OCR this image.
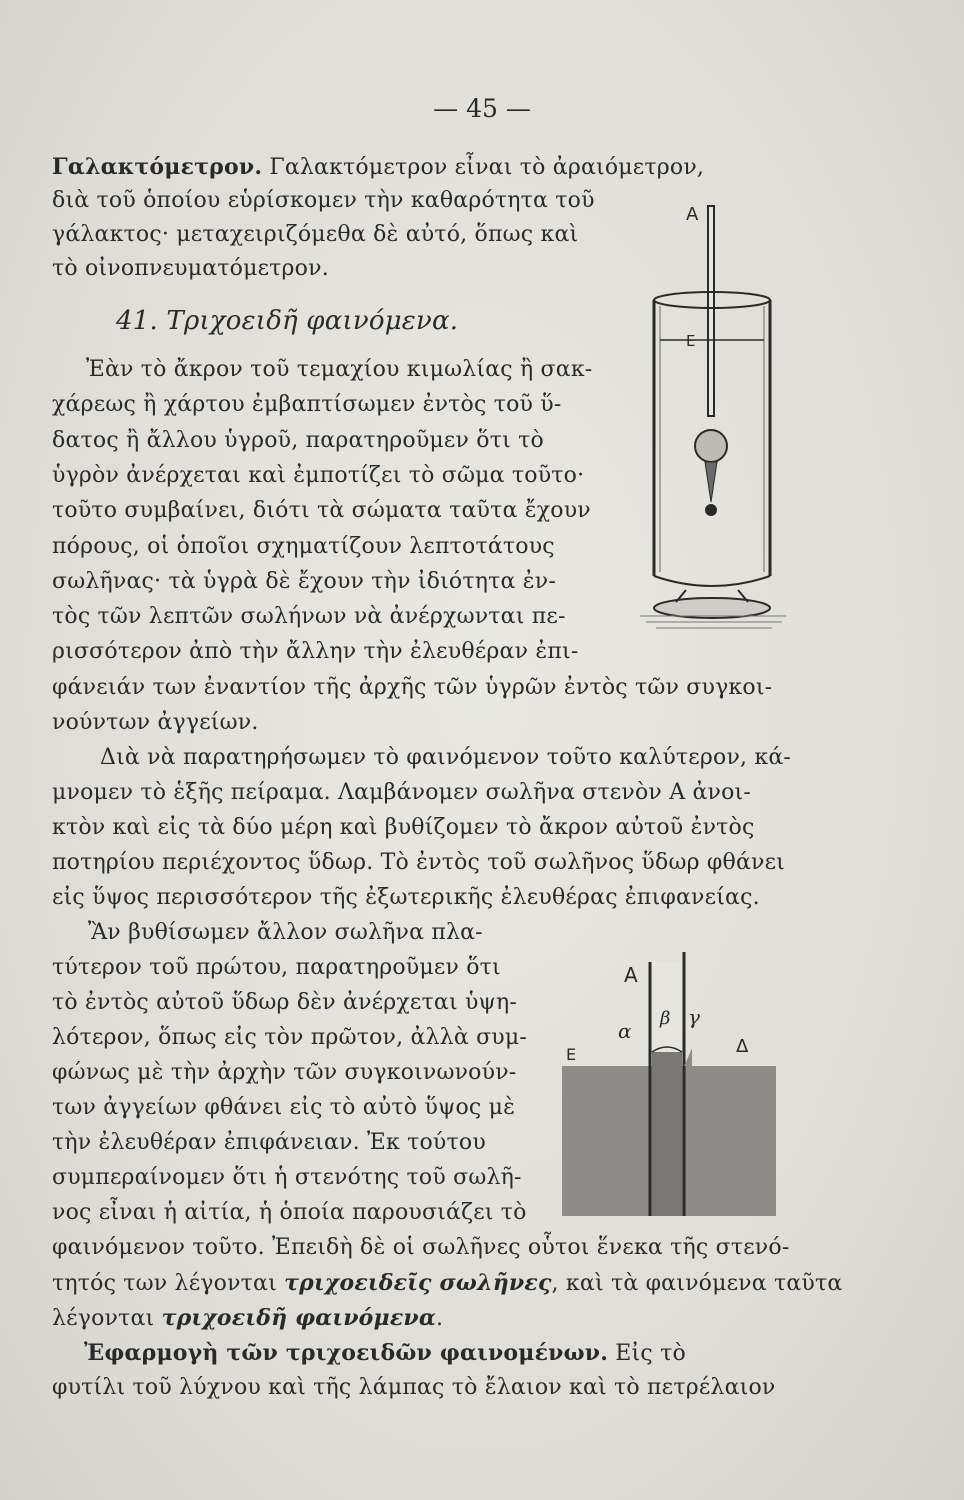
— 45 —
Γαλακτόμετρον. Γαλακτόμετρον εἶναι τὸ ἀραιόμετρον,
διὰ τοῦ ὁποίου εὑρίσκομεν τὴν καθαρότητα τοῦ
γάλακτος· μεταχειριζόμεθα δὲ αὐτό, ὅπως καὶ
τὸ οἰνοπνευματόμετρον.
41. Τριχοειδῆ φαινόμενα.
Ἐὰν τὸ ἄκρον τοῦ τεμαχίου κιμωλίας ἢ σακ-
χάρεως ἢ χάρτου ἐμβαπτίσωμεν ἐντὸς τοῦ ὕ-
δατος ἢ ἄλλου ὑγροῦ, παρατηροῦμεν ὅτι τὸ
ὑγρὸν ἀνέρχεται καὶ ἐμποτίζει τὸ σῶμα τοῦτο·
τοῦτο συμβαίνει, διότι τὰ σώματα ταῦτα ἔχουν
πόρους, οἱ ὁποῖοι σχηματίζουν λεπτοτάτους
σωλῆνας· τὰ ὑγρὰ δὲ ἔχουν τὴν ἰδιότητα ἐν-
τὸς τῶν λεπτῶν σωλήνων νὰ ἀνέρχωνται πε-
ρισσότερον ἀπὸ τὴν ἄλλην τὴν ἐλευθέραν ἐπι-
φάνειάν των ἐναντίον τῆς ἀρχῆς τῶν ὑγρῶν ἐντὸς τῶν συγκοι-
νούντων ἀγγείων.
Διὰ νὰ παρατηρήσωμεν τὸ φαινόμενον τοῦτο καλύτερον, κά-
μνομεν τὸ ἑξῆς πείραμα. Λαμβάνομεν σωλῆνα στενὸν Α ἀνοι-
κτὸν καὶ εἰς τὰ δύο μέρη καὶ βυθίζομεν τὸ ἄκρον αὐτοῦ ἐντὸς
ποτηρίου περιέχοντος ὕδωρ. Τὸ ἐντὸς τοῦ σωλῆνος ὕδωρ φθάνει
εἰς ὕψος περισσότερον τῆς ἐξωτερικῆς ἐλευθέρας ἐπιφανείας.
Ἂν βυθίσωμεν ἄλλον σωλῆνα πλα-
τύτερον τοῦ πρώτου, παρατηροῦμεν ὅτι
τὸ ἐντὸς αὐτοῦ ὕδωρ δὲν ἀνέρχεται ὑψη-
λότερον, ὅπως εἰς τὸν πρῶτον, ἀλλὰ συμ-
φώνως μὲ τὴν ἀρχὴν τῶν συγκοινωνούν-
των ἀγγείων φθάνει εἰς τὸ αὐτὸ ὕψος μὲ
τὴν ἐλευθέραν ἐπιφάνειαν. Ἐκ τούτου
συμπεραίνομεν ὅτι ἡ στενότης τοῦ σωλῆ-
νος εἶναι ἡ αἰτία, ἡ ὁποία παρουσιάζει τὸ
φαινόμενον τοῦτο. Ἐπειδὴ δὲ οἱ σωλῆνες οὗτοι ἕνεκα τῆς στενό-
τητός των λέγονται τριχοειδεῖς σωλῆνες, καὶ τὰ φαινόμενα ταῦτα
λέγονται τριχοειδῆ φαινόμενα.
Ἐφαρμογὴ τῶν τριχοειδῶν φαινομένων. Εἰς τὸ
φυτίλι τοῦ λύχνου καὶ τῆς λάμπας τὸ ἔλαιον καὶ τὸ πετρέλαιον
Α
Ε
Α
α
β γ
Ε	Δ
